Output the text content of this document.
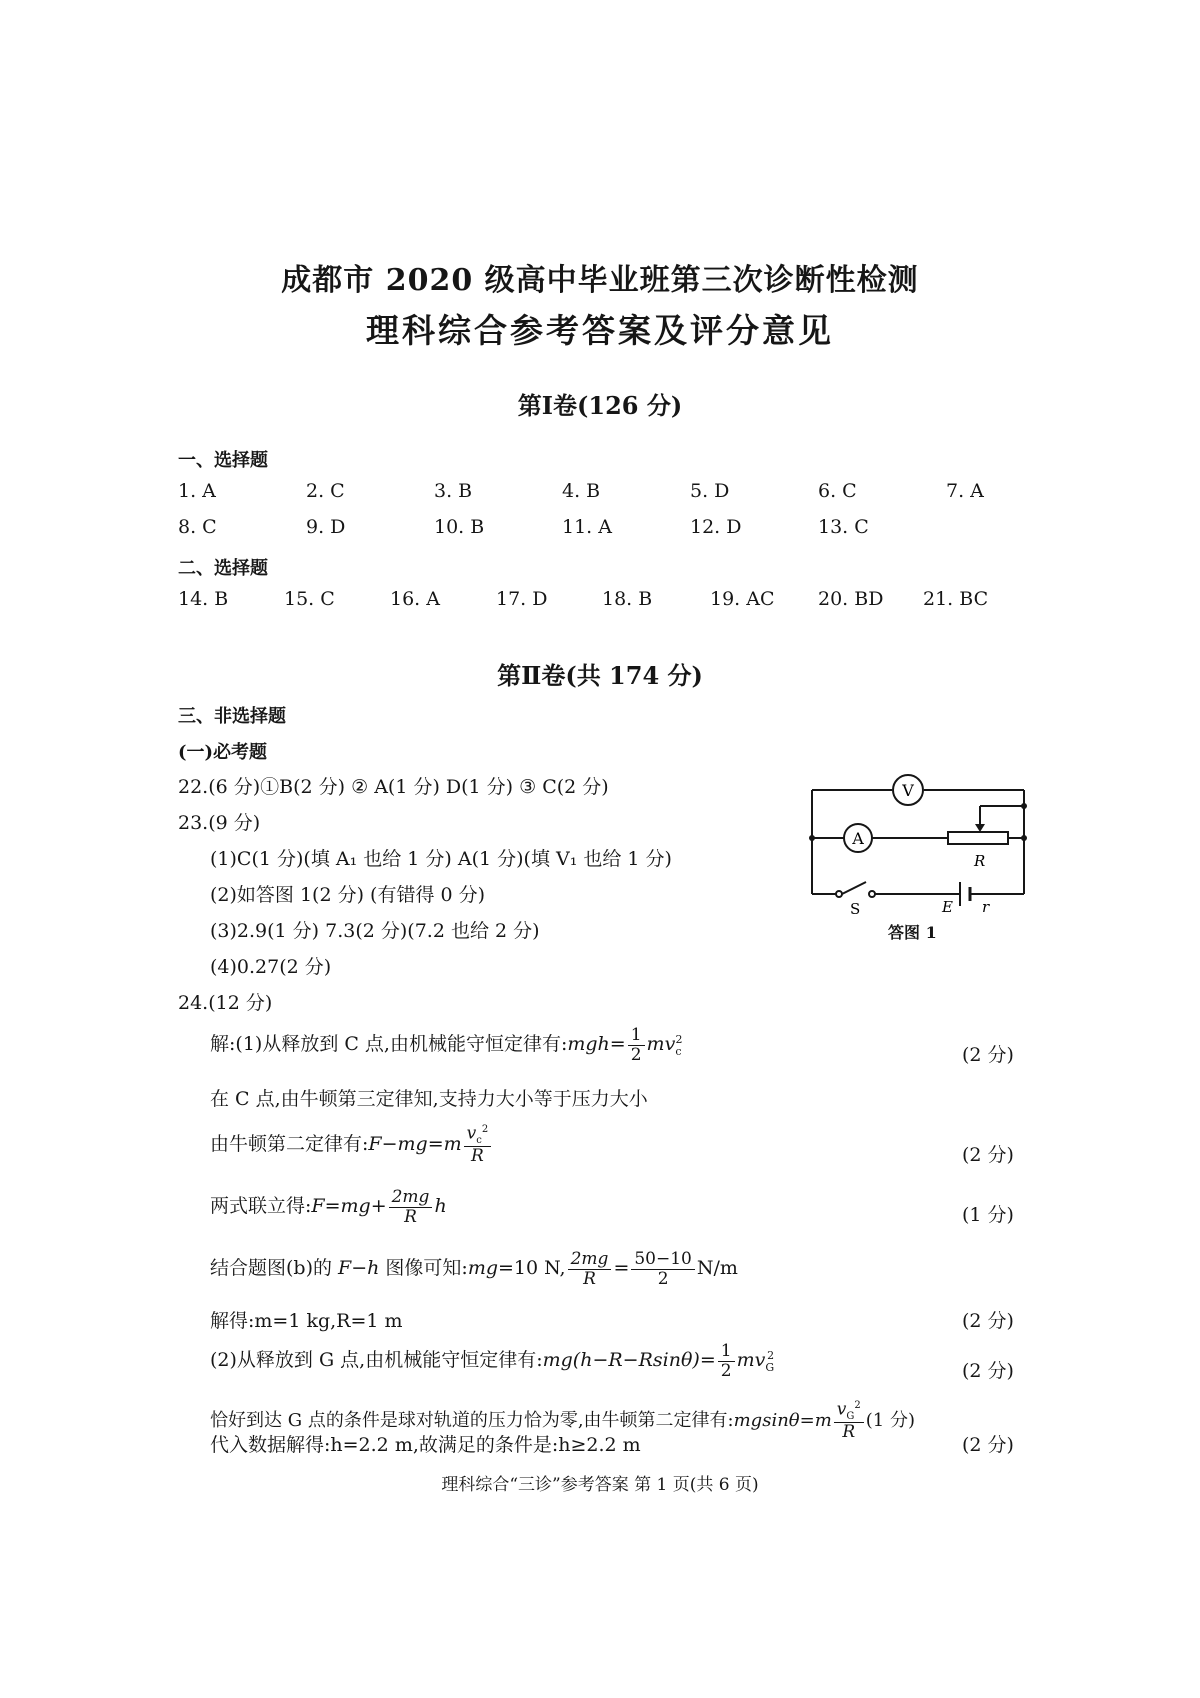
成都市 2020 级高中毕业班第三次诊断性检测
理科综合参考答案及评分意见
第Ⅰ卷(126 分)
一、选择题
1. A	2. C	3. B	4. B	5. D	6. C	7. A
8. C	9. D	10. B	11. A	12. D	13. C
二、选择题
14. B	15. C	16. A	17. D	18. B	19. AC 20. BD 21. BC
第Ⅱ卷(共 174 分)
三、非选择题
(一)必考题
22.(6 分)①B(2 分) ② A(1 分) D(1 分) ③ C(2 分)
23.(9 分)
(1)C(1 分)(填 A₁ 也给 1 分) A(1 分)(填 V₁ 也给 1 分)
(2)如答图 1(2 分) (有错得 0 分)
(3)2.9(1 分) 7.3(2 分)(7.2 也给 2 分)
(4)0.27(2 分)
V
A
R
S	E r
答图 1
24.(12 分)
解:(1)从释放到 C 点,由机械能守恒定律有:mgh= $\frac{1}{2} mv_c^2$
(2 分)
在 C 点,由牛顿第三定律知,支持力大小等于压力大小
由牛顿第二定律有:F−mg=m $\frac{v_c^2}{R}$	(2 分)
两式联立得:F=mg+ $\frac{2mg}{R}$ h	(1 分)
结合题图(b)的 F−h 图像可知:mg=10 N, $\frac{2mg}{R} = \frac{50-10}{2} N/m$
解得:m=1 kg,R=1 m	(2 分)
(2)从释放到 G 点,由机械能守恒定律有:mg(h−R−Rsinθ)= $\frac{1}{2} mv_G^2$
(2 分)
恰好到达 G 点的条件是球对轨道的压力恰为零,由牛顿第二定律有:mgsinθ=m $\frac{v_G^2}{R} (1$ 分)
代入数据解得:h=2.2 m,故满足的条件是:h≥2.2 m	(2 分)
理科综合“三诊”参考答案 第 1 页(共 6 页)
